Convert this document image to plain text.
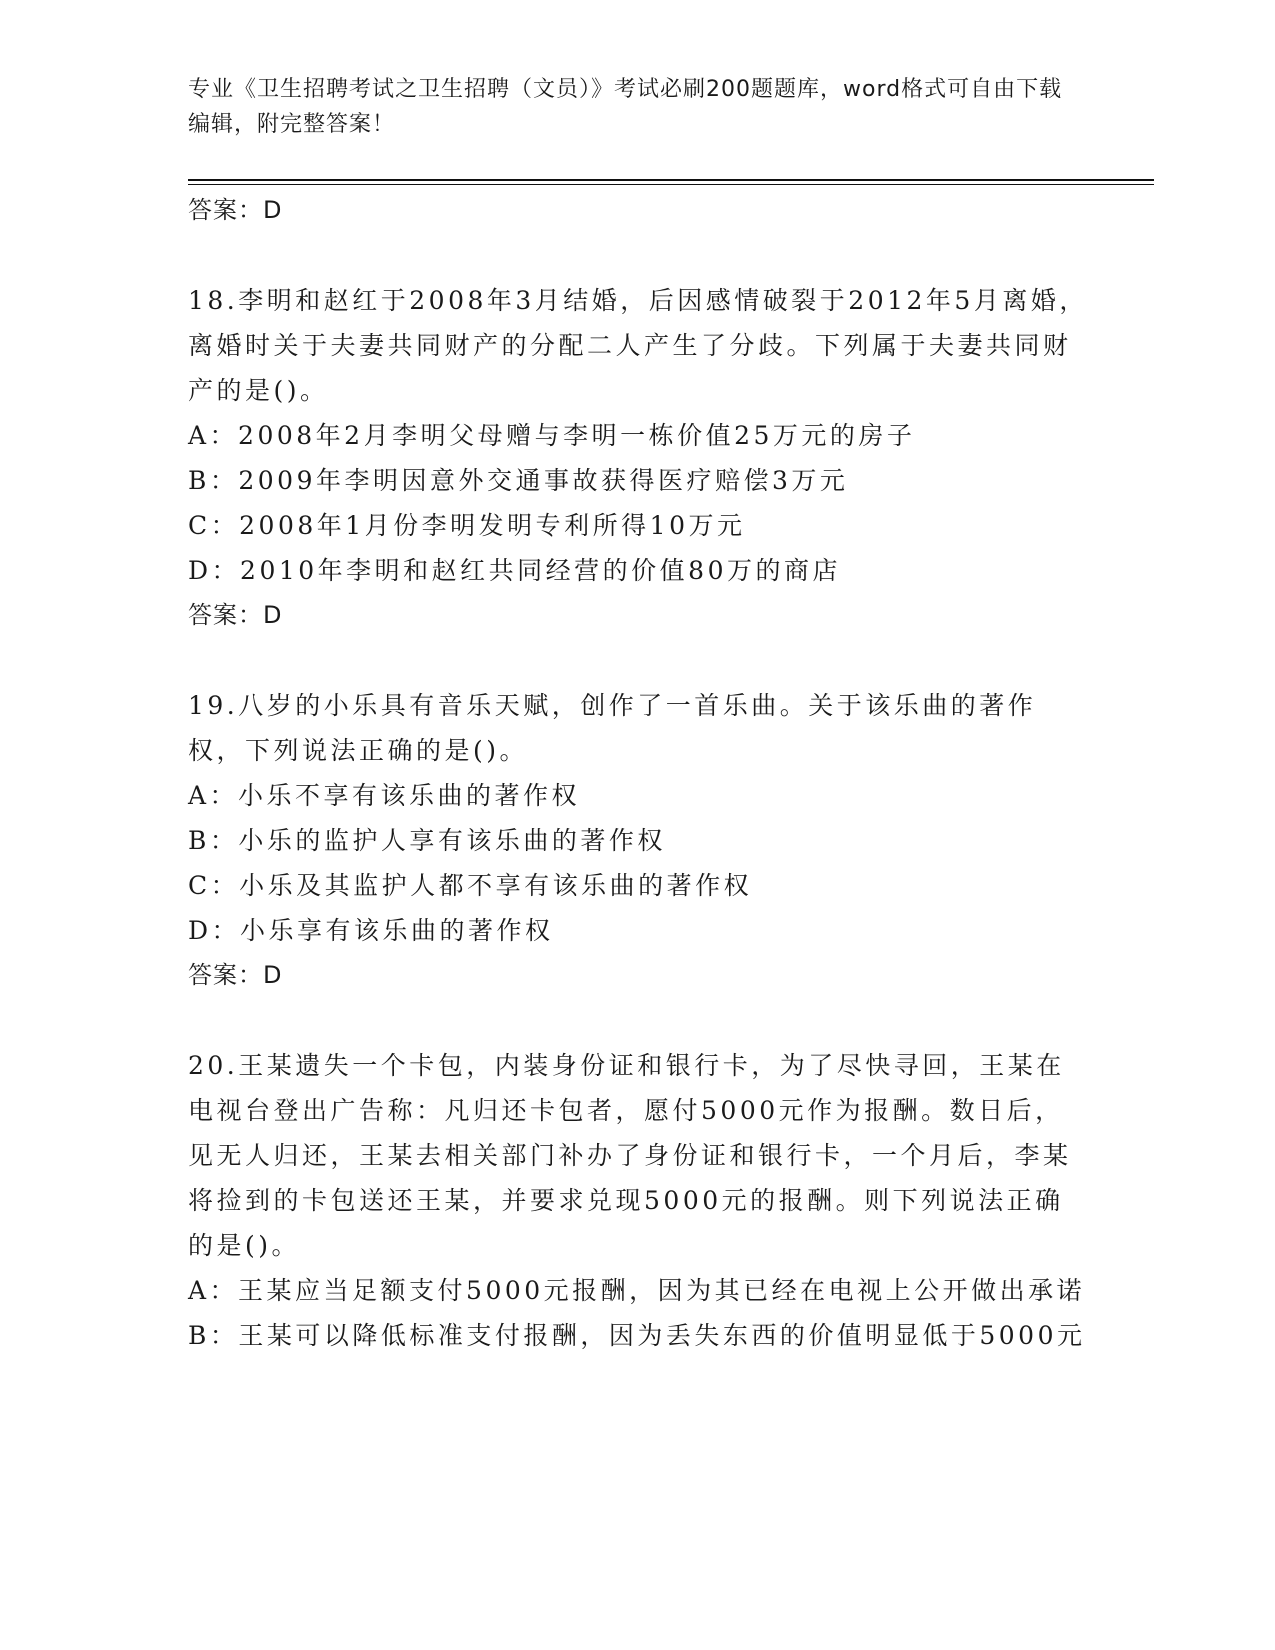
专业《卫生招聘考试之卫生招聘（文员）》考试必刷200题题库，word格式可自由下载编辑，附完整答案！
答案：D
18.李明和赵红于2008年3月结婚，后因感情破裂于2012年5月离婚，离婚时关于夫妻共同财产的分配二人产生了分歧。下列属于夫妻共同财产的是()。

A：2008年2月李明父母赠与李明一栋价值25万元的房子

B：2009年李明因意外交通事故获得医疗赔偿3万元

C：2008年1月份李明发明专利所得10万元

D：2010年李明和赵红共同经营的价值80万的商店

答案：D
19.八岁的小乐具有音乐天赋，创作了一首乐曲。关于该乐曲的著作权，下列说法正确的是()。

A：小乐不享有该乐曲的著作权

B：小乐的监护人享有该乐曲的著作权

C：小乐及其监护人都不享有该乐曲的著作权

D：小乐享有该乐曲的著作权

答案：D
20.王某遗失一个卡包，内装身份证和银行卡，为了尽快寻回，王某在电视台登出广告称：凡归还卡包者，愿付5000元作为报酬。数日后，见无人归还，王某去相关部门补办了身份证和银行卡，一个月后，李某将捡到的卡包送还王某，并要求兑现5000元的报酬。则下列说法正确的是()。

A：王某应当足额支付5000元报酬，因为其已经在电视上公开做出承诺

B：王某可以降低标准支付报酬，因为丢失东西的价值明显低于5000元
